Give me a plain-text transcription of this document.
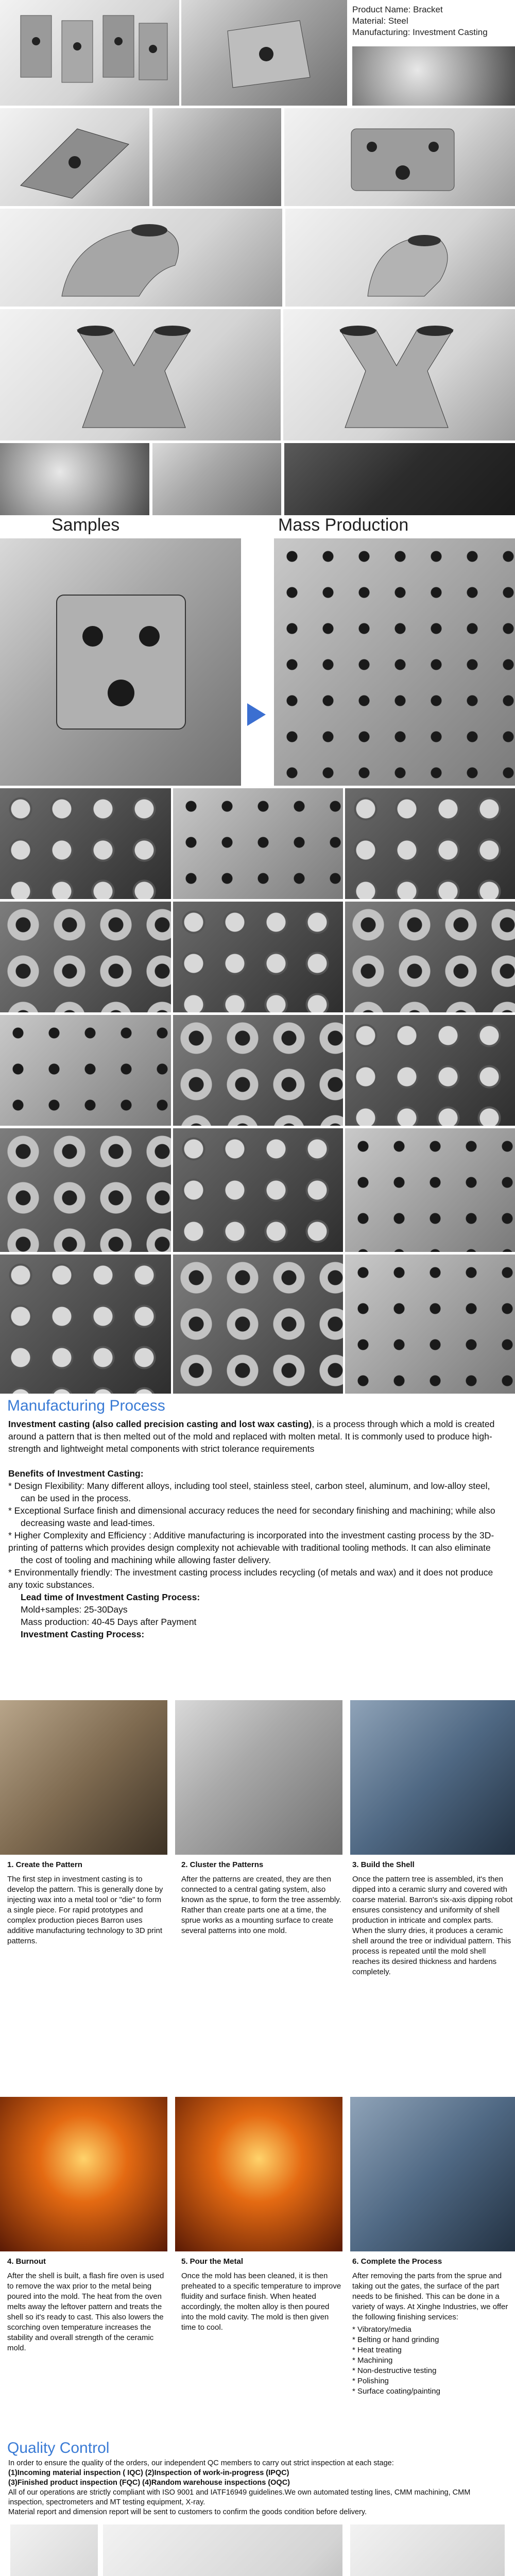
Product Name: Bracket
Material: Steel
Manufacturing: Investment Casting
Samples	Mass Production
Manufacturing Process
Investment casting (also called precision casting and lost wax casting), is a process through which a mold is created around a pattern that is then melted out of the mold and replaced with molten metal. It is commonly used to produce high-strength and lightweight metal components with strict tolerance requirements
Benefits of Investment Casting:
* Design Flexibility: Many different alloys, including tool steel, stainless steel, carbon steel, aluminum, and low-alloy steel,
can be used in the process.
* Exceptional Surface finish and dimensional accuracy reduces the need for secondary finishing and machining; while also
decreasing waste and lead-times.
* Higher Complexity and Efficiency : Additive manufacturing is incorporated into the investment casting process by the 3D-printing of patterns which provides design complexity not achievable with traditional tooling methods. It can also eliminate
the cost of tooling and machining while allowing faster delivery.
* Environmentally friendly: The investment casting process includes recycling (of metals and wax) and it does not produce any toxic substances.
Lead time of Investment Casting Process:
Mold+samples: 25-30Days
Mass production: 40-45 Days after Payment
Investment Casting Process:
1. Create the Pattern
The first step in investment casting is to develop the pattern. This is generally done by injecting wax into a metal tool or "die" to form a single piece. For rapid prototypes and complex production pieces Barron uses additive manufacturing technology to 3D print patterns.
2. Cluster the Patterns
After the patterns are created, they are then connected to a central gating system, also known as the sprue, to form the tree assembly. Rather than create parts one at a time, the sprue works as a mounting surface to create several patterns into one mold.
3. Build the Shell
Once the pattern tree is assembled, it's then dipped into a ceramic slurry and covered with coarse material. Barron's six-axis dipping robot ensures consistency and uniformity of shell production in intricate and complex parts. When the slurry dries, it produces a ceramic shell around the tree or individual pattern. This process is repeated until the mold shell reaches its desired thickness and hardens completely.
4. Burnout
After the shell is built, a flash fire oven is used to remove the wax prior to the metal being poured into the mold. The heat from the oven melts away the leftover pattern and treats the shell so it's ready to cast. This also lowers the scorching oven temperature increases the stability and overall strength of the ceramic mold.
5. Pour the Metal
Once the mold has been cleaned, it is then preheated to a specific temperature to improve fluidity and surface finish. When heated accordingly, the molten alloy is then poured into the mold cavity. The mold is then given time to cool.
6. Complete the Process
After removing the parts from the sprue and taking out the gates, the surface of the part needs to be finished. This can be done in a variety of ways. At Xinghe Industries, we offer the following finishing services:
* Vibratory/media
* Belting or hand grinding
* Heat treating
* Machining
* Non-destructive testing
* Polishing
* Surface coating/painting
Quality Control
In order to ensure the quality of the orders, our independent QC members to carry out strict inspection at each stage:
(1)Incoming material inspection ( IQC) (2)Inspection of work-in-progress (IPQC)
(3)Finished product inspection (FQC) (4)Random warehouse inspections (OQC)
All of our operations are strictly compliant with ISO 9001 and IATF16949 guidelines.We own automated testing lines, CMM machining, CMM inspection, spectrometers and MT testing equipment, X-ray.
Material report and dimension report will be sent to customers to confirm the goods condition before delivery.
